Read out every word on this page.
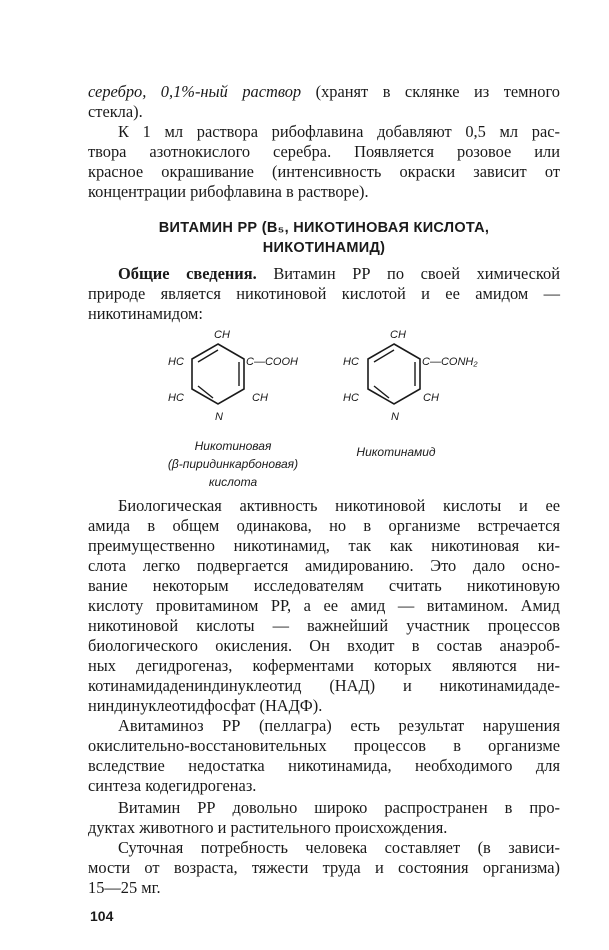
серебро, 0,1%-ный раствор (хранят в склянке из темного
стекла).
К 1 мл раствора рибофлавина добавляют 0,5 мл рас-
твора азотнокислого серебра. Появляется розовое или
красное окрашивание (интенсивность окраски зависит от
концентрации рибофлавина в растворе).
ВИТАМИН РР (B₅, НИКОТИНОВАЯ КИСЛОТА,
НИКОТИНАМИД)
Общие сведения. Витамин РР по своей химической
природе является никотиновой кислотой и ее амидом —
никотинамидом:
CH
HC
HC
C—COOH
CH
N
Никотиновая
(β-пиридинкарбоновая)
кислота
CH
HC
HC
C—CONH₂
CH
N
Никотинамид
Биологическая активность никотиновой кислоты и ее
амида в общем одинакова, но в организме встречается
преимущественно никотинамид, так как никотиновая ки-
слота легко подвергается амидированию. Это дало осно-
вание некоторым исследователям считать никотиновую
кислоту провитамином РР, а ее амид — витамином. Амид
никотиновой кислоты — важнейший участник процессов
биологического окисления. Он входит в состав анаэроб-
ных дегидрогеназ, коферментами которых являются ни-
котинамидадениндинуклеотид (НАД) и никотинамидаде-
ниндинуклеотидфосфат (НАДФ).
Авитаминоз РР (пеллагра) есть результат нарушения
окислительно-восстановительных процессов в организме
вследствие недостатка никотинамида, необходимого для
синтеза кодегидрогеназ.
Витамин РР довольно широко распространен в про-
дуктах животного и растительного происхождения.
Суточная потребность человека составляет (в зависи-
мости от возраста, тяжести труда и состояния организма)
15—25 мг.
104
